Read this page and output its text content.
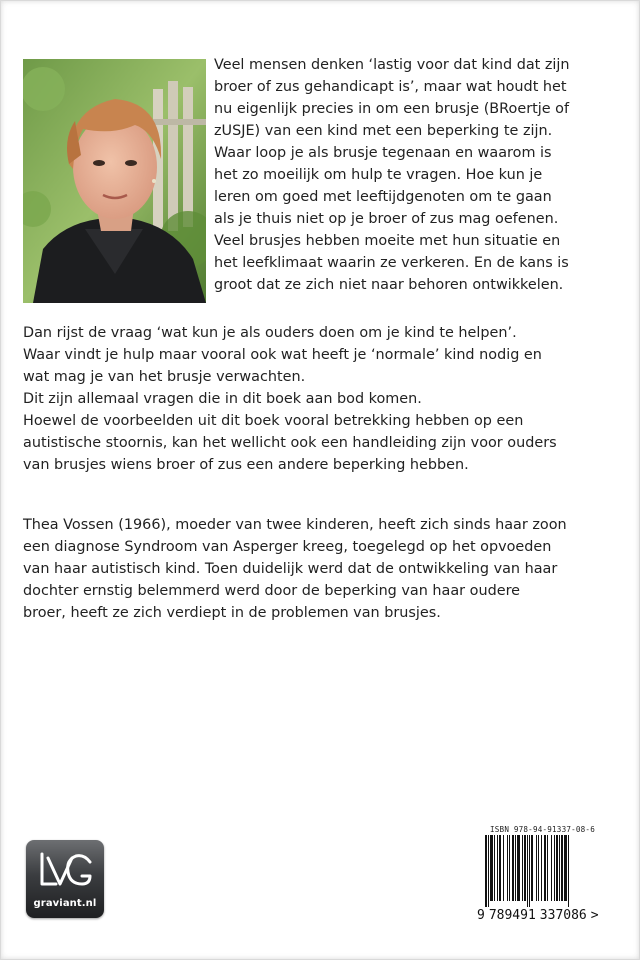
Veel mensen denken ‘lastig voor dat kind dat zijn
broer of zus gehandicapt is’, maar wat houdt het
nu eigenlijk precies in om een brusje (BRoertje of
zUSJE) van een kind met een beperking te zijn.
Waar loop je als brusje tegenaan en waarom is
het zo moeilijk om hulp te vragen. Hoe kun je
leren om goed met leeftijdgenoten om te gaan
als je thuis niet op je broer of zus mag oefenen.
Veel brusjes hebben moeite met hun situatie en
het leefklimaat waarin ze verkeren. En de kans is
groot dat ze zich niet naar behoren ontwikkelen.

Dan rijst de vraag ‘wat kun je als ouders doen om je kind te helpen’.
Waar vindt je hulp maar vooral ook wat heeft je ‘normale’ kind nodig en
wat mag je van het brusje verwachten.
Dit zijn allemaal vragen die in dit boek aan bod komen.
Hoewel de voorbeelden uit dit boek vooral betrekking hebben op een
autistische stoornis, kan het wellicht ook een handleiding zijn voor ouders
van brusjes wiens broer of zus een andere beperking hebben.

Thea Vossen (1966), moeder van twee kinderen, heeft zich sinds haar zoon
een diagnose Syndroom van Asperger kreeg, toegelegd op het opvoeden
van haar autistisch kind. Toen duidelijk werd dat de ontwikkeling van haar
dochter ernstig belemmerd werd door de beperking van haar oudere
broer, heeft ze zich verdiept in de problemen van brusjes.

graviant.nl
ISBN 978-94-91337-08-6
9 789491 337086 >
